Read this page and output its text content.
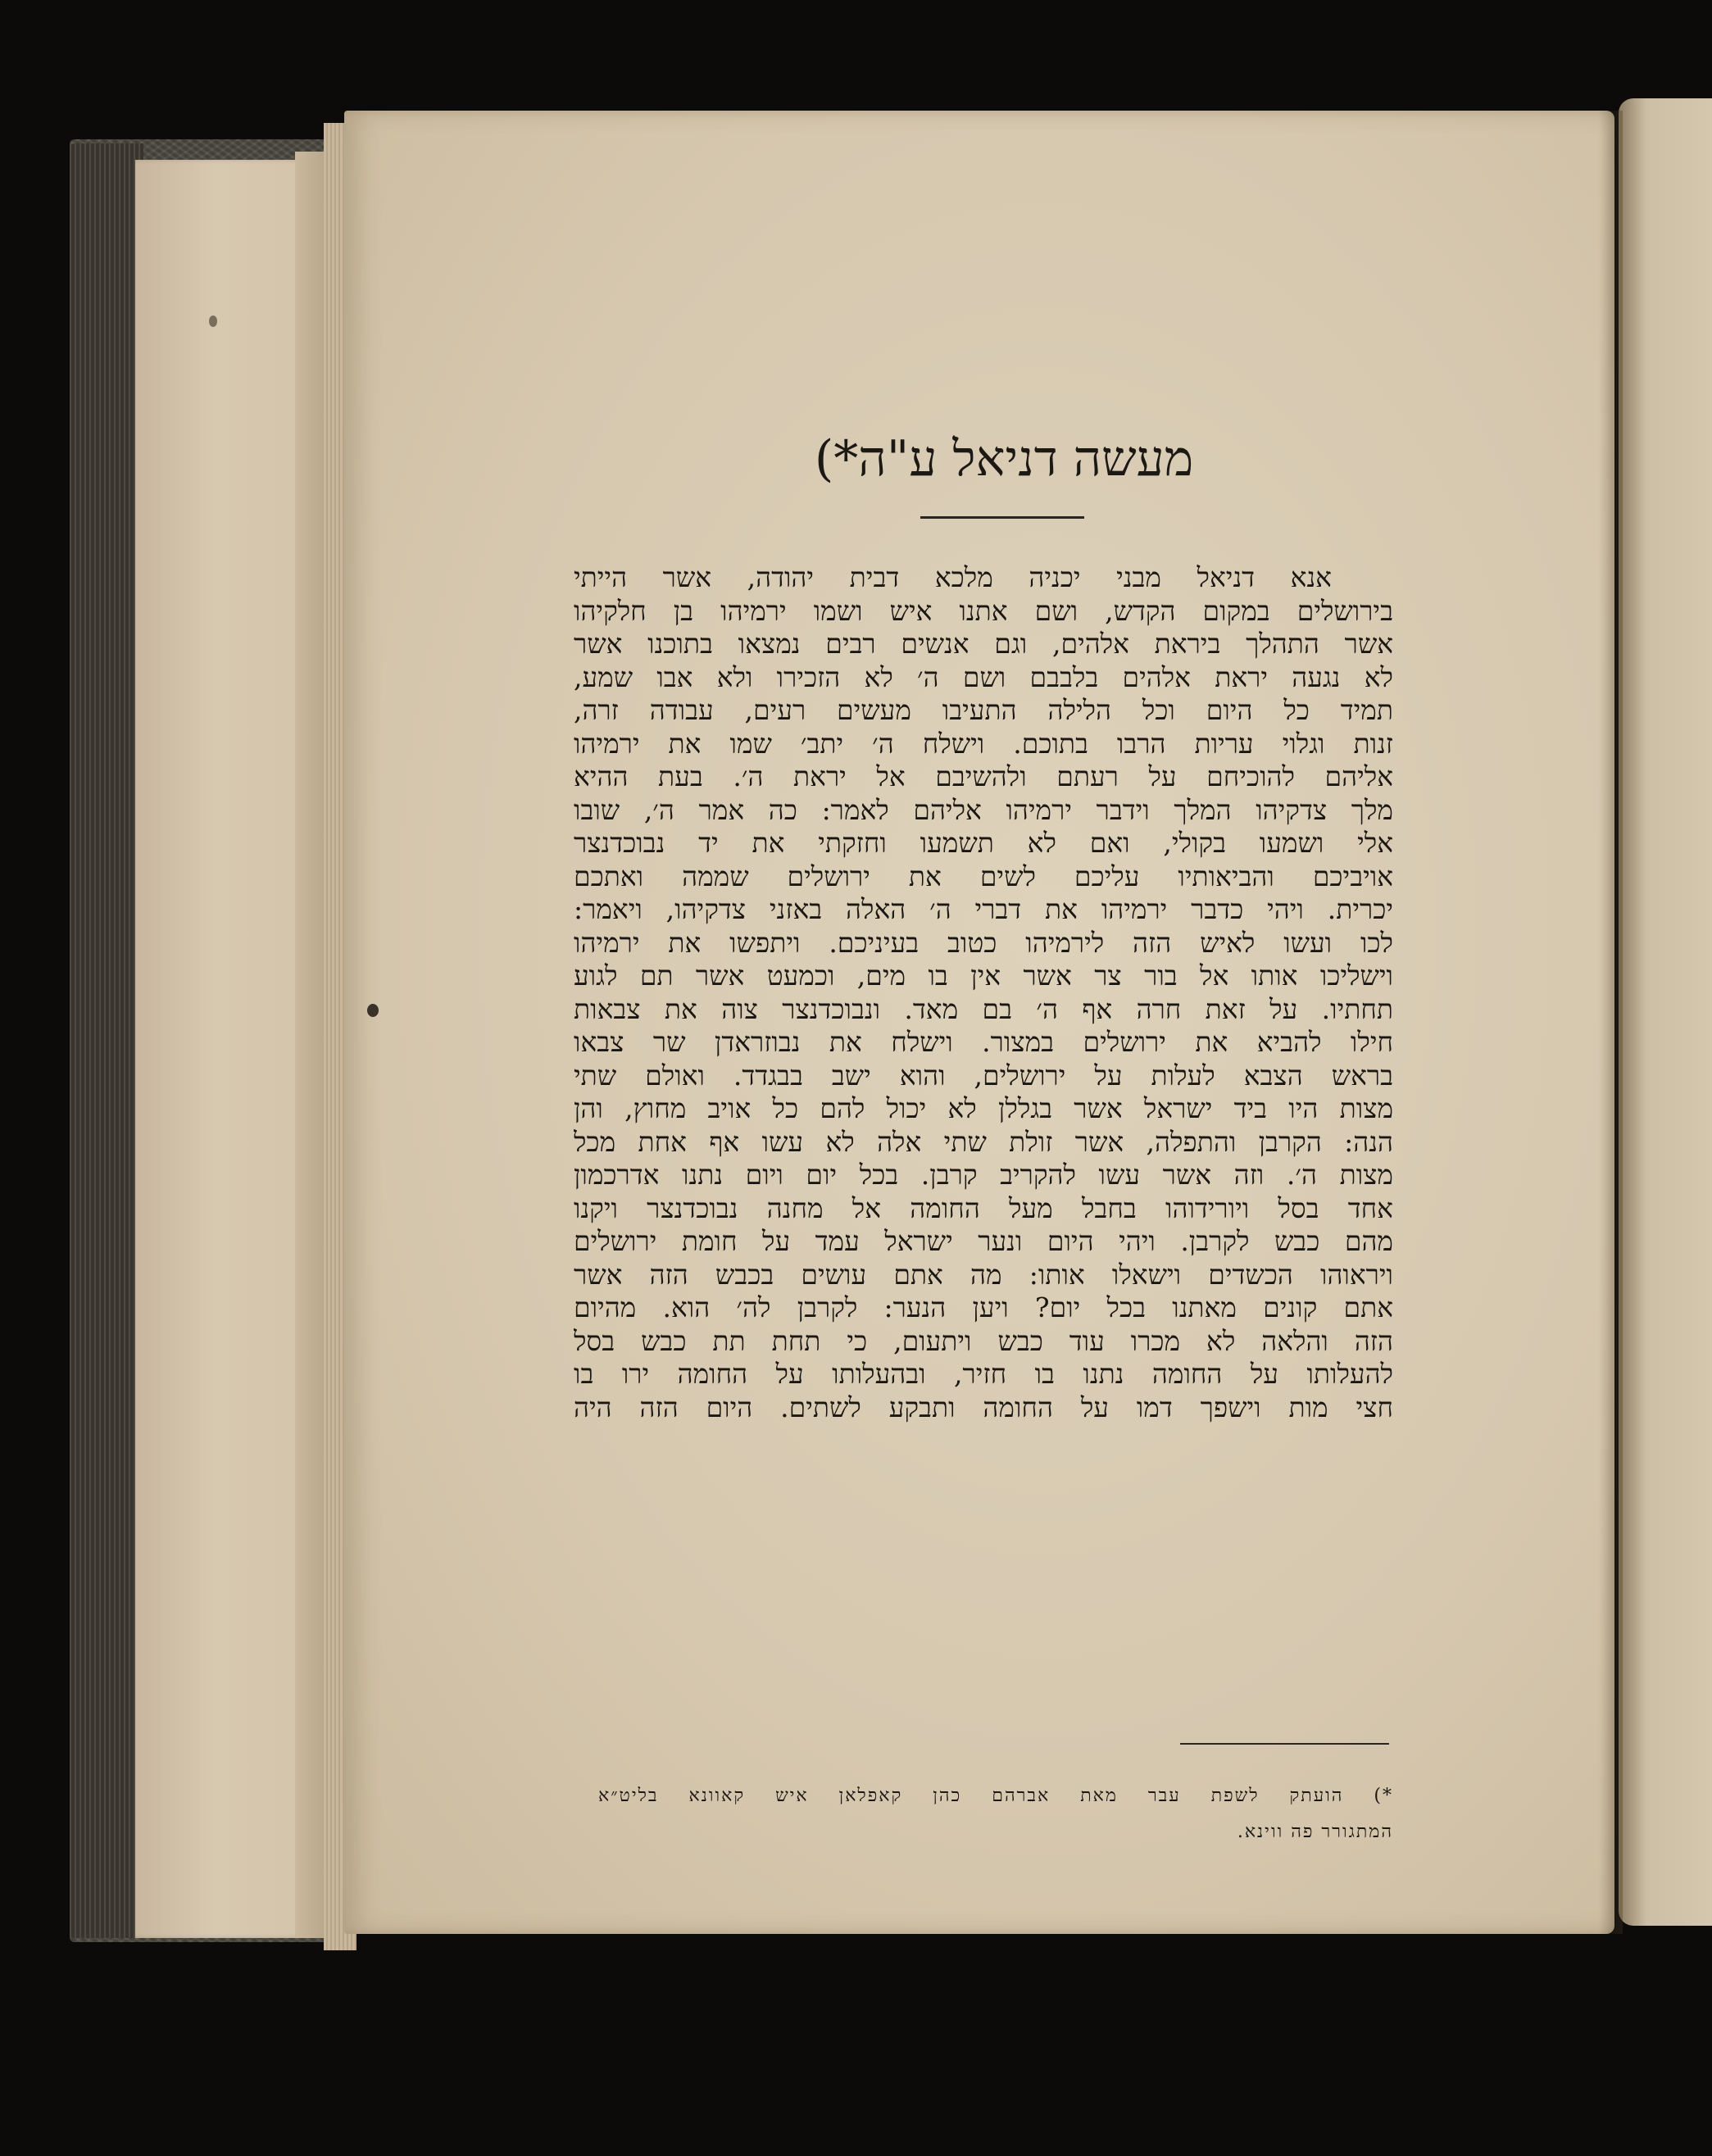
מעשה דניאל ע"ה*)
אנא דניאל מבני יכניה מלכא דבית יהודה, אשר הייתי
בירושלים במקום הקדש, ושם אתנו איש ושמו ירמיהו בן חלקיהו
אשר התהלך ביראת אלהים, וגם אנשים רבים נמצאו בתוכנו אשר
לא נגעה יראת אלהים בלבבם ושם ה׳ לא הזכירו ולא אבו שמע,
תמיד כל היום וכל הלילה התעיבו מעשים רעים, עבודה זרה,
זנות וגלוי עריות הרבו בתוכם. וישלח ה׳ יתב׳ שמו את ירמיהו
אליהם להוכיחם על רעתם ולהשיבם אל יראת ה׳. בעת ההיא
מלך צדקיהו המלך וידבר ירמיהו אליהם לאמר: כה אמר ה׳, שובו
אלי ושמעו בקולי, ואם לא תשמעו וחזקתי את יד נבוכדנצר
אויביכם והביאותיו עליכם לשים את ירושלים שממה ואתכם
יכרית. ויהי כדבר ירמיהו את דברי ה׳ האלה באזני צדקיהו, ויאמר:
לכו ועשו לאיש הזה לירמיהו כטוב בעיניכם. ויתפשו את ירמיהו
וישליכו אותו אל בור צר אשר אין בו מים, וכמעט אשר תם לגוע
תחתיו. על זאת חרה אף ה׳ בם מאד. ונבוכדנצר צוה את צבאות
חילו להביא את ירושלים במצור. וישלח את נבוזראדן שר צבאו
בראש הצבא לעלות על ירושלים, והוא ישב בבגדד. ואולם שתי
מצות היו ביד ישראל אשר בגללן לא יכול להם כל אויב מחוץ, והן
הנה: הקרבן והתפלה, אשר זולת שתי אלה לא עשו אף אחת מכל
מצות ה׳. וזה אשר עשו להקריב קרבן. בכל יום ויום נתנו אדרכמון
אחד בסל ויורידוהו בחבל מעל החומה אל מחנה נבוכדנצר ויקנו
מהם כבש לקרבן. ויהי היום ונער ישראל עמד על חומת ירושלים
ויראוהו הכשדים וישאלו אותו: מה אתם עושים בכבש הזה אשר
אתם קונים מאתנו בכל יום? ויען הנער: לקרבן לה׳ הוא. מהיום
הזה והלאה לא מכרו עוד כבש ויתעום, כי תחת תת כבש בסל
להעלותו על החומה נתנו בו חזיר, ובהעלותו על החומה ירו בו
חצי מות וישפך דמו על החומה ותבקע לשתים. היום הזה היה
*) הועתק לשפת עבר מאת אברהם כהן קאפלאן איש קאוונא בליט״א
המתגורר פה ווינא.
